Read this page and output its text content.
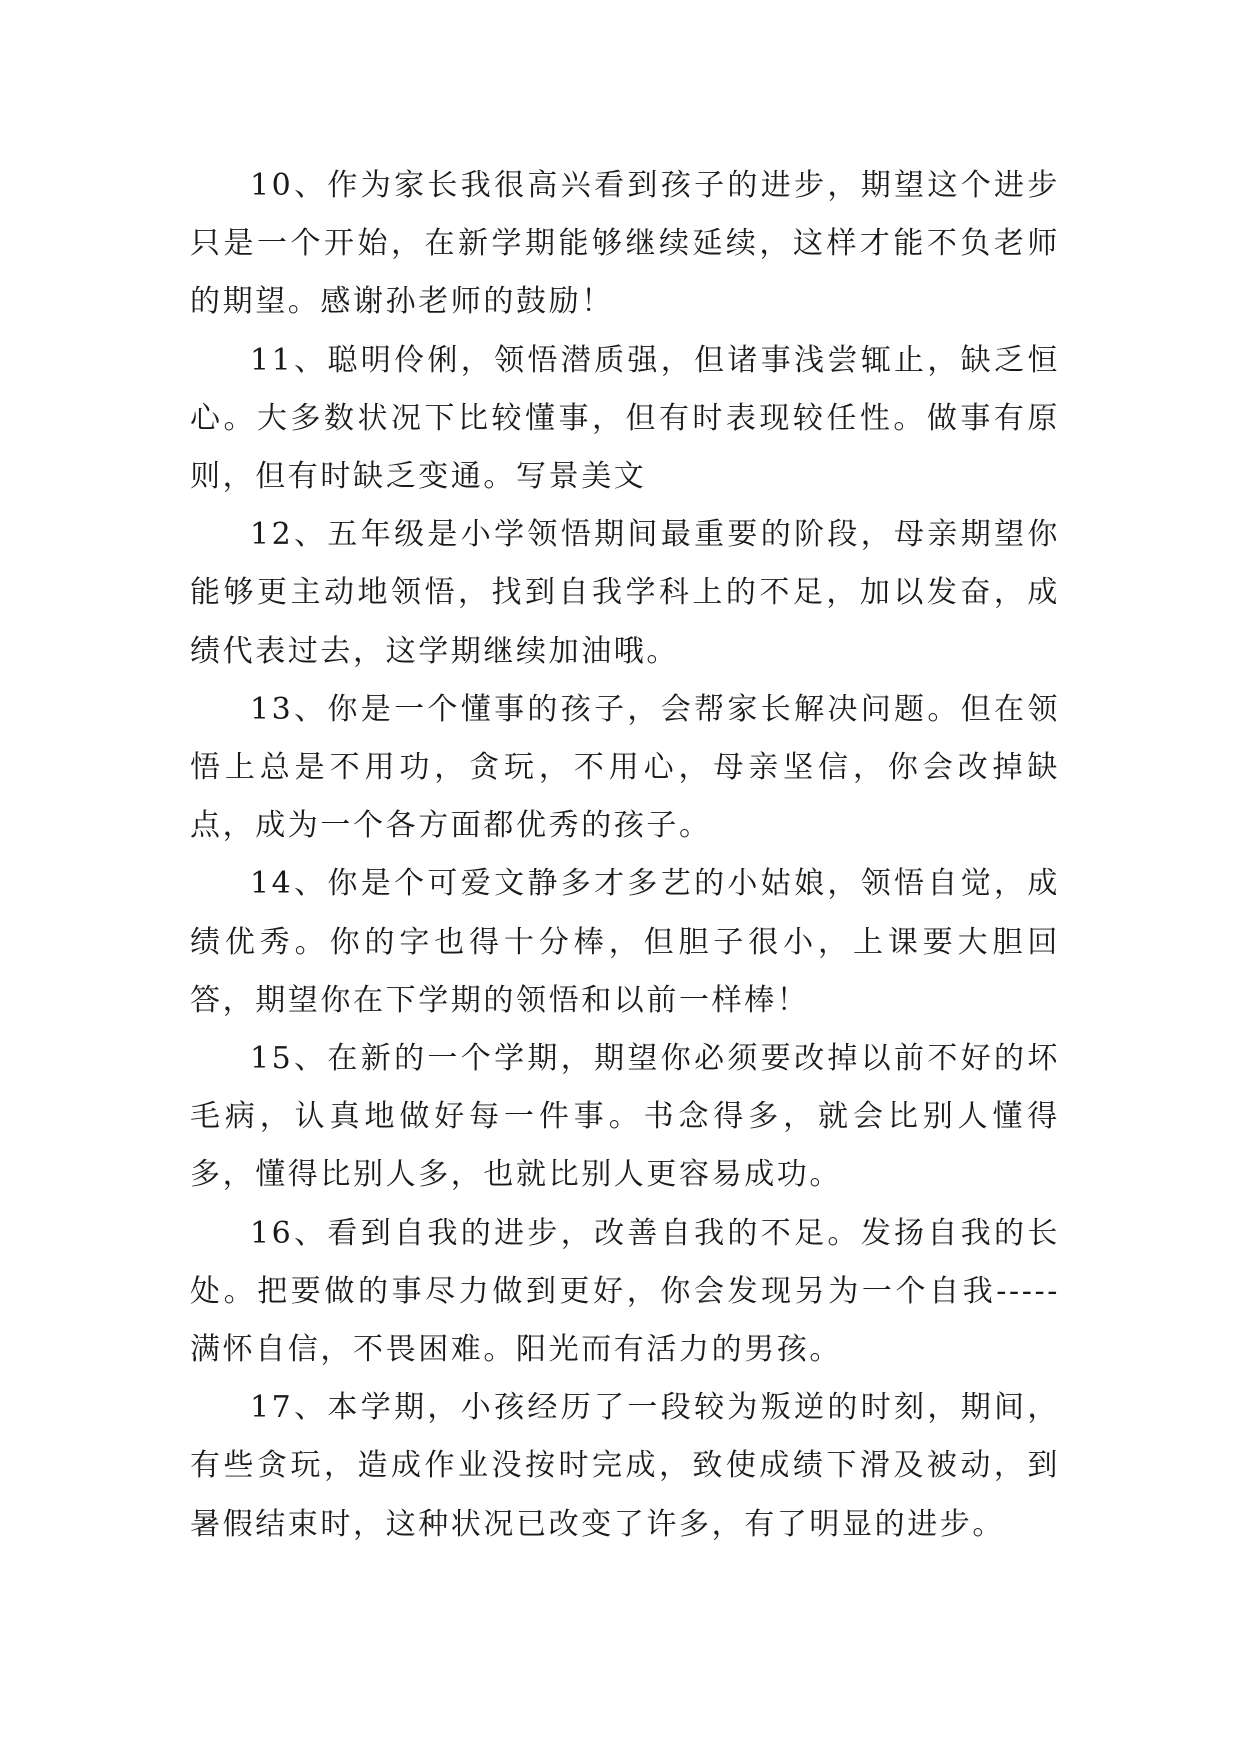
10、作为家长我很高兴看到孩子的进步，期望这个进步只是一个开始，在新学期能够继续延续，这样才能不负老师的期望。感谢孙老师的鼓励！

11、聪明伶俐，领悟潜质强，但诸事浅尝辄止，缺乏恒心。大多数状况下比较懂事，但有时表现较任性。做事有原则，但有时缺乏变通。写景美文

12、五年级是小学领悟期间最重要的阶段，母亲期望你能够更主动地领悟，找到自我学科上的不足，加以发奋，成绩代表过去，这学期继续加油哦。

13、你是一个懂事的孩子，会帮家长解决问题。但在领悟上总是不用功，贪玩，不用心，母亲坚信，你会改掉缺点，成为一个各方面都优秀的孩子。

14、你是个可爱文静多才多艺的小姑娘，领悟自觉，成绩优秀。你的字也得十分棒，但胆子很小，上课要大胆回答，期望你在下学期的领悟和以前一样棒！

15、在新的一个学期，期望你必须要改掉以前不好的坏毛病，认真地做好每一件事。书念得多，就会比别人懂得多，懂得比别人多，也就比别人更容易成功。

16、看到自我的进步，改善自我的不足。发扬自我的长处。把要做的事尽力做到更好，你会发现另为一个自我-----满怀自信，不畏困难。阳光而有活力的男孩。

17、本学期，小孩经历了一段较为叛逆的时刻，期间，有些贪玩，造成作业没按时完成，致使成绩下滑及被动，到暑假结束时，这种状况已改变了许多，有了明显的进步。
